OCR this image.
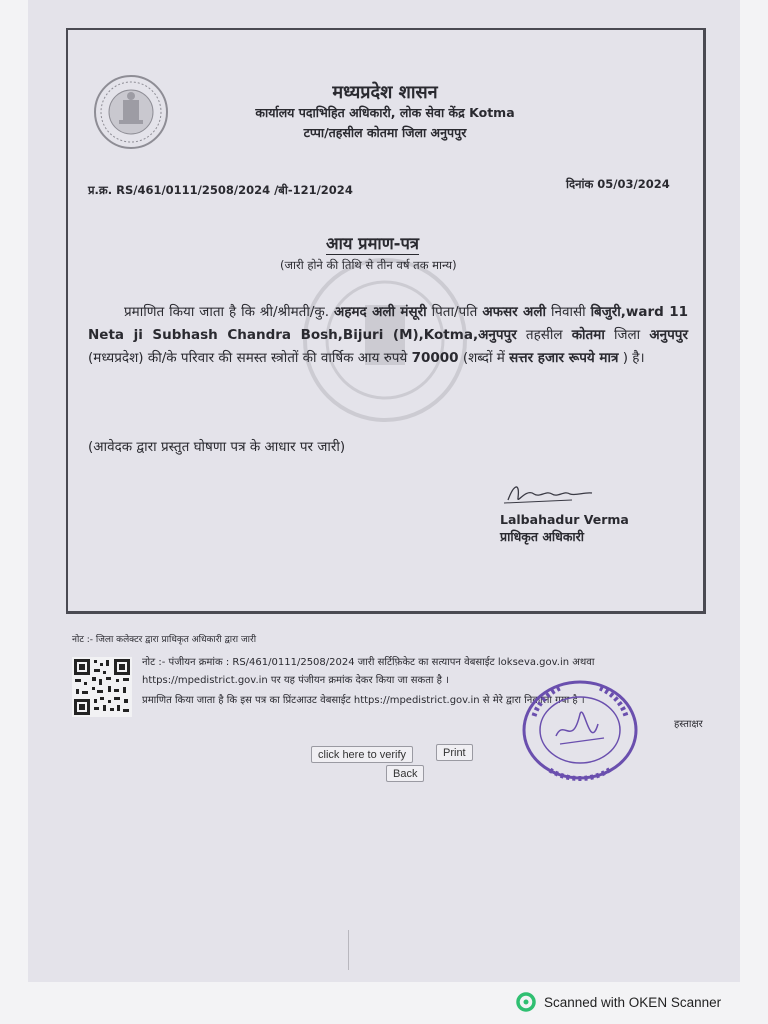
मध्यप्रदेश शासन
कार्यालय पदाभिहित अधिकारी, लोक सेवा केंद्र Kotma
टप्पा/तहसील कोतमा जिला अनुपपुर
प्र.क्र. RS/461/0111/2508/2024 /बी-121/2024	दिनांक 05/03/2024
आय प्रमाण-पत्र
(जारी होने की तिथि से तीन वर्ष तक मान्य)
प्रमाणित किया जाता है कि श्री/श्रीमती/कु. अहमद अली मंसूरी पिता/पति अफसर अली निवासी बिजुरी,ward 11 Neta ji Subhash Chandra Bosh,Bijuri (M),Kotma,अनुपपुर तहसील कोतमा जिला अनुपपुर (मध्यप्रदेश) की/के परिवार की समस्त स्त्रोतों की वार्षिक आय रुपये 70000 (शब्दों में सत्तर हजार रूपये मात्र ) है।
(आवेदक द्वारा प्रस्तुत घोषणा पत्र के आधार पर जारी)
Lalbahadur Verma
प्राधिकृत अधिकारी
नोट :- जिला कलेक्टर द्वारा प्राधिकृत अधिकारी द्वारा जारी
नोट :- पंजीयन क्रमांक : RS/461/0111/2508/2024 जारी सर्टिफ़िकेट का सत्यापन वेबसाईट lokseva.gov.in अथवा
https://mpedistrict.gov.in पर यह पंजीयन क्रमांक देकर किया जा सकता है ।
प्रमाणित किया जाता है कि इस पत्र का प्रिंटआउट वेबसाईट https://mpedistrict.gov.in से मेरे द्वारा निकाला गया है ।
हस्ताक्षर
click here to verify	Print
Back
Scanned with OKEN Scanner
